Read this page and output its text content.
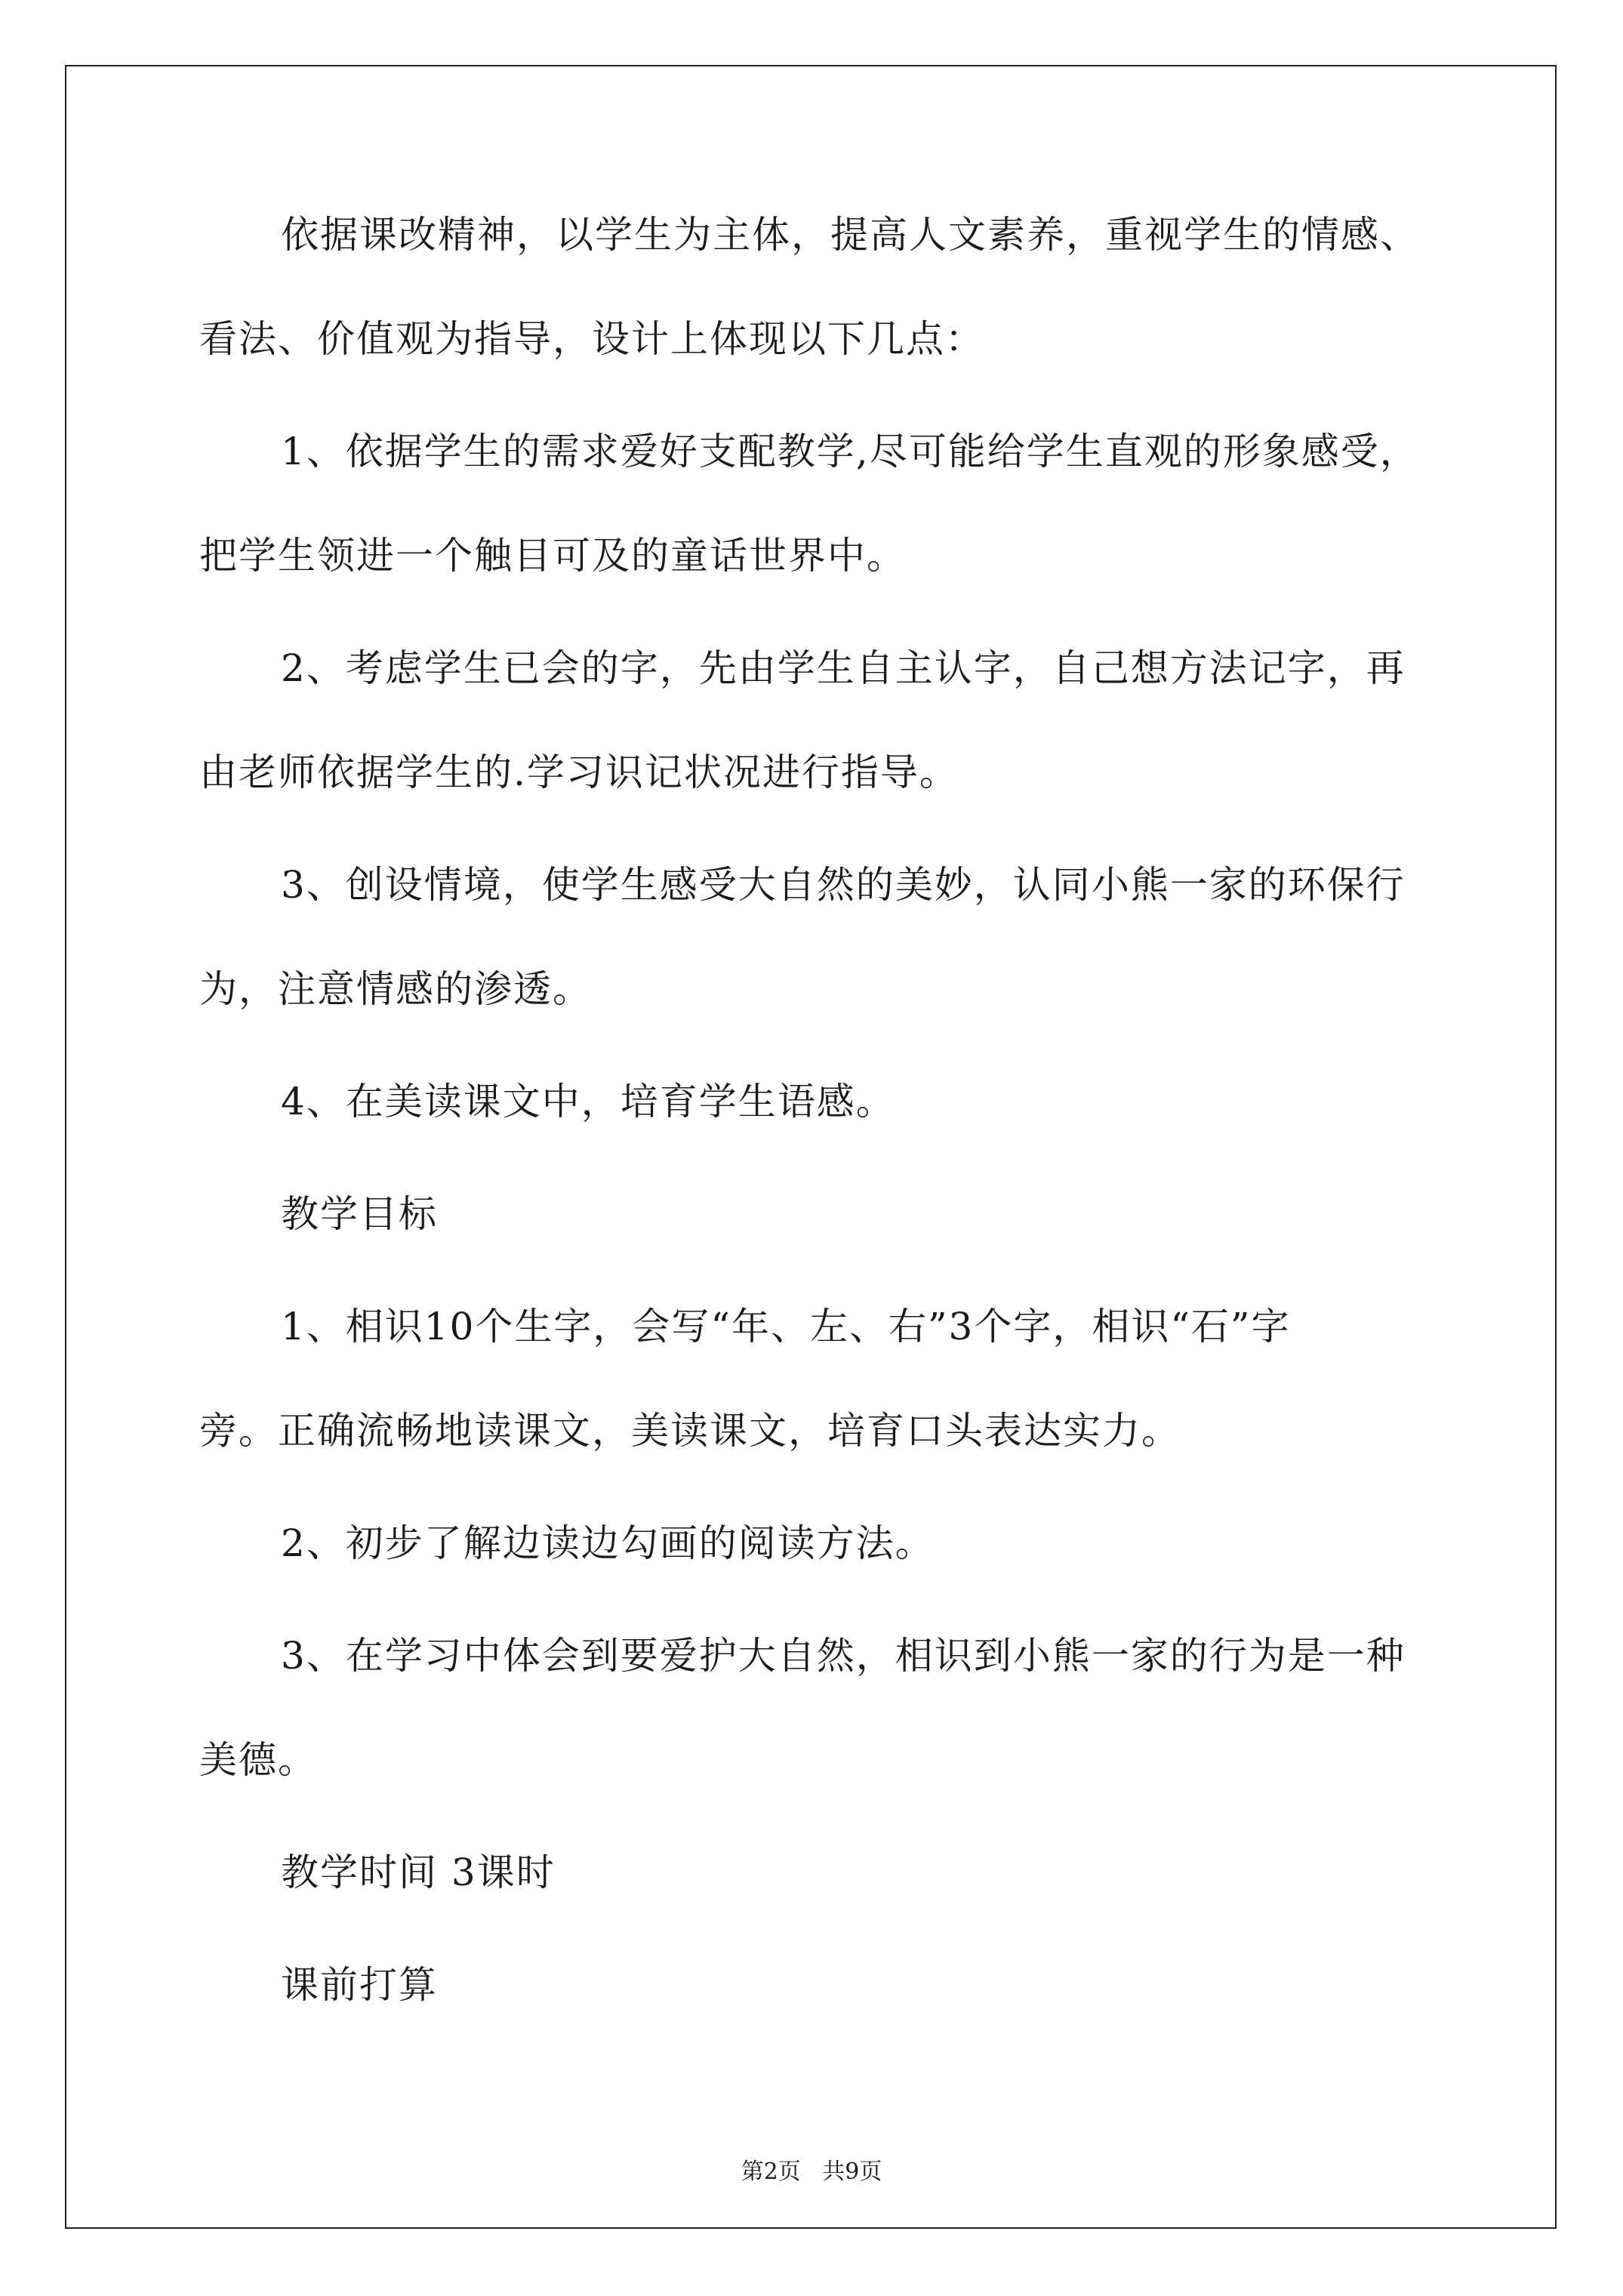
依据课改精神，以学生为主体，提高人文素养，重视学生的情感、

看法、价值观为指导，设计上体现以下几点：

1、依据学生的需求爱好支配教学,尽可能给学生直观的形象感受，

把学生领进一个触目可及的童话世界中。

2、考虑学生已会的字，先由学生自主认字，自己想方法记字，再

由老师依据学生的.学习识记状况进行指导。

3、创设情境，使学生感受大自然的美妙，认同小熊一家的环保行

为，注意情感的渗透。

4、在美读课文中，培育学生语感。

教学目标

1、相识10个生字，会写“年、左、右”3个字，相识“石”字

旁。正确流畅地读课文，美读课文，培育口头表达实力。

2、初步了解边读边勾画的阅读方法。

3、在学习中体会到要爱护大自然，相识到小熊一家的行为是一种

美德。

教学时间 3课时

课前打算

第2页   共9页
